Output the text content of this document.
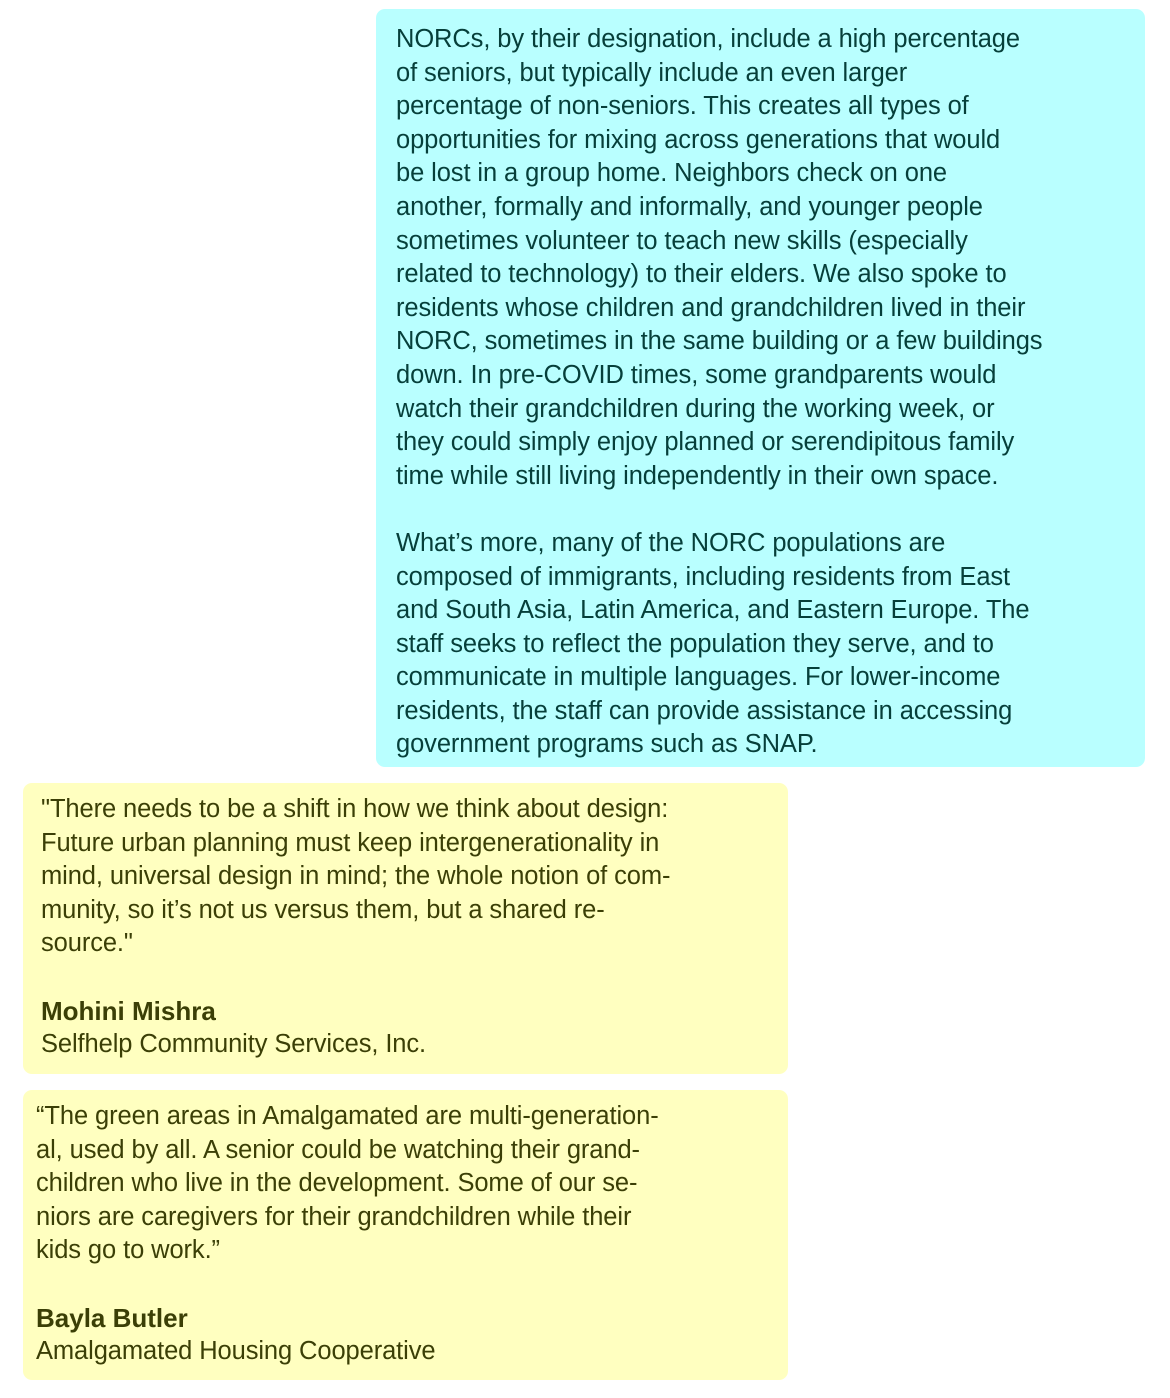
NORCs, by their designation, include a high percentage
of seniors, but typically include an even larger
percentage of non-seniors. This creates all types of
opportunities for mixing across generations that would
be lost in a group home. Neighbors check on one
another, formally and informally, and younger people
sometimes volunteer to teach new skills (especially
related to technology) to their elders. We also spoke to
residents whose children and grandchildren lived in their
NORC, sometimes in the same building or a few buildings
down. In pre-COVID times, some grandparents would
watch their grandchildren during the working week, or
they could simply enjoy planned or serendipitous family
time while still living independently in their own space.

What’s more, many of the NORC populations are
composed of immigrants, including residents from East
and South Asia, Latin America, and Eastern Europe. The
staff seeks to reflect the population they serve, and to
communicate in multiple languages. For lower-income
residents, the staff can provide assistance in accessing
government programs such as SNAP.

"There needs to be a shift in how we think about design:
Future urban planning must keep intergenerationality in
mind, universal design in mind; the whole notion of com-
munity, so it’s not us versus them, but a shared re-
source."

Mohini Mishra

Selfhelp Community Services, Inc.

“The green areas in Amalgamated are multi-generation-
al, used by all. A senior could be watching their grand-
children who live in the development. Some of our se-
niors are caregivers for their grandchildren while their
kids go to work.”

Bayla Butler

Amalgamated Housing Cooperative
